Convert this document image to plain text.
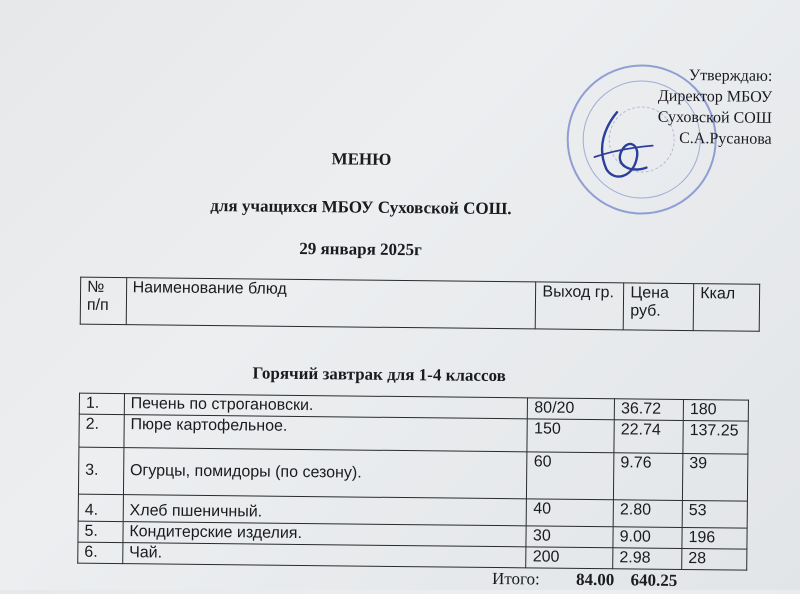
Утверждаю:
Директор МБОУ
Суховской СОШ
С.А.Русанова
МЕНЮ
для учащихся МБОУ Суховской СОШ.
29 января 2025г
№ п/п	Наименование блюд	Выход гр.	Цена руб.	Ккал
Горячий завтрак для 1-4 классов
1.	Печень по строгановски.	80/20	36.72	180
2.	Пюре картофельное.	150	22.74	137.25
3.	Огурцы, помидоры (по сезону).	60	9.76	39
4.	Хлеб пшеничный.	40	2.80	53
5.	Кондитерские изделия.	30	9.00	196
6.	Чай.	200	2.98	28
Итого: 84.00 640.25
